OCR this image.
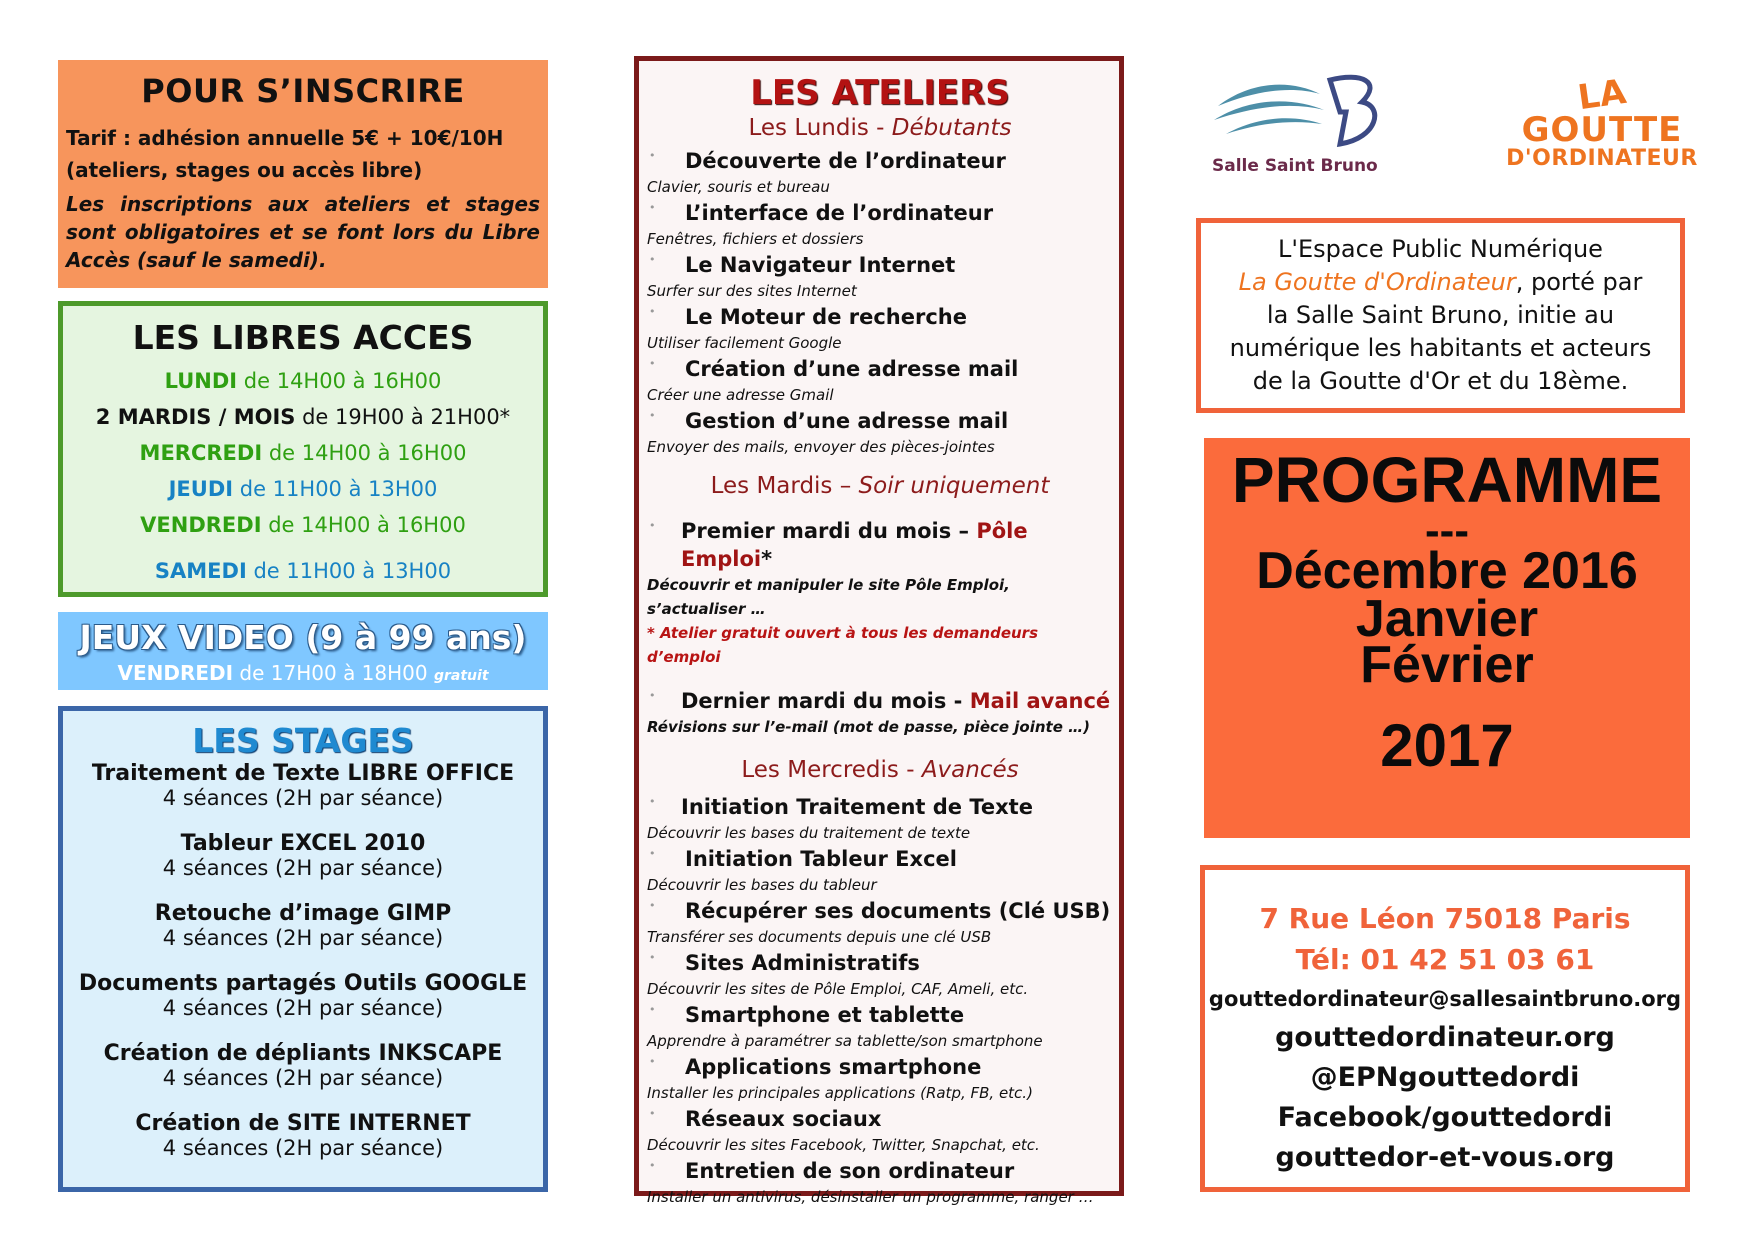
POUR S’INSCRIRE
Tarif : adhésion annuelle 5€ + 10€/10H
(ateliers, stages ou accès libre)
Les inscriptions aux ateliers et stages sont obligatoires et se font lors du Libre Accès (sauf le samedi).
LES LIBRES ACCES
LUNDI de 14H00 à 16H00
2 MARDIS / MOIS de 19H00 à 21H00*
MERCREDI de 14H00 à 16H00
JEUDI de 11H00 à 13H00
VENDREDI de 14H00 à 16H00
SAMEDI de 11H00 à 13H00
JEUX VIDEO (9 à 99 ans)
VENDREDI de 17H00 à 18H00 gratuit
LES STAGES
Traitement de Texte LIBRE OFFICE
4 séances (2H par séance)
Tableur EXCEL 2010
4 séances (2H par séance)
Retouche d’image GIMP
4 séances (2H par séance)
Documents partagés Outils GOOGLE
4 séances (2H par séance)
Création de dépliants INKSCAPE
4 séances (2H par séance)
Création de SITE INTERNET
4 séances (2H par séance)
LES ATELIERS
Les Lundis - Débutants
•	Découverte de l’ordinateur
Clavier, souris et bureau
•	L’interface de l’ordinateur
Fenêtres, fichiers et dossiers
•	Le Navigateur Internet
Surfer sur des sites Internet
•	Le Moteur de recherche
Utiliser facilement Google
•	Création d’une adresse mail
Créer une adresse Gmail
•	Gestion d’une adresse mail
Envoyer des mails, envoyer des pièces-jointes
Les Mardis – Soir uniquement
•	Premier mardi du mois – Pôle Emploi*
Découvrir et manipuler le site Pôle Emploi, s’actualiser …
* Atelier gratuit ouvert à tous les demandeurs d’emploi
•	Dernier mardi du mois - Mail avancé
Révisions sur l’e-mail (mot de passe, pièce jointe …)
Les Mercredis - Avancés
•	Initiation Traitement de Texte
Découvrir les bases du traitement de texte
•	Initiation Tableur Excel
Découvrir les bases du tableur
•	Récupérer ses documents (Clé USB)
Transférer ses documents depuis une clé USB
•	Sites Administratifs
Découvrir les sites de Pôle Emploi, CAF, Ameli, etc.
•	Smartphone et tablette
Apprendre à paramétrer sa tablette/son smartphone
•	Applications smartphone
Installer les principales applications (Ratp, FB, etc.)
•	Réseaux sociaux
Découvrir les sites Facebook, Twitter, Snapchat, etc.
•	Entretien de son ordinateur
Installer un antivirus, désinstaller un programme, ranger …
Salle Saint Bruno
LA
GOUTTE
D'ORDINATEUR

L'Espace Public Numérique

La Goutte d'Ordinateur, porté par

la Salle Saint Bruno, initie au

numérique les habitants et acteurs

de la Goutte d'Or et du 18ème.

PROGRAMME
---
Décembre 2016
Janvier
Février
2017
7 Rue Léon 75018 Paris
Tél: 01 42 51 03 61
gouttedordinateur@sallesaintbruno.org
gouttedordinateur.org
@EPNgouttedordi
Facebook/gouttedordi
gouttedor-et-vous.org
